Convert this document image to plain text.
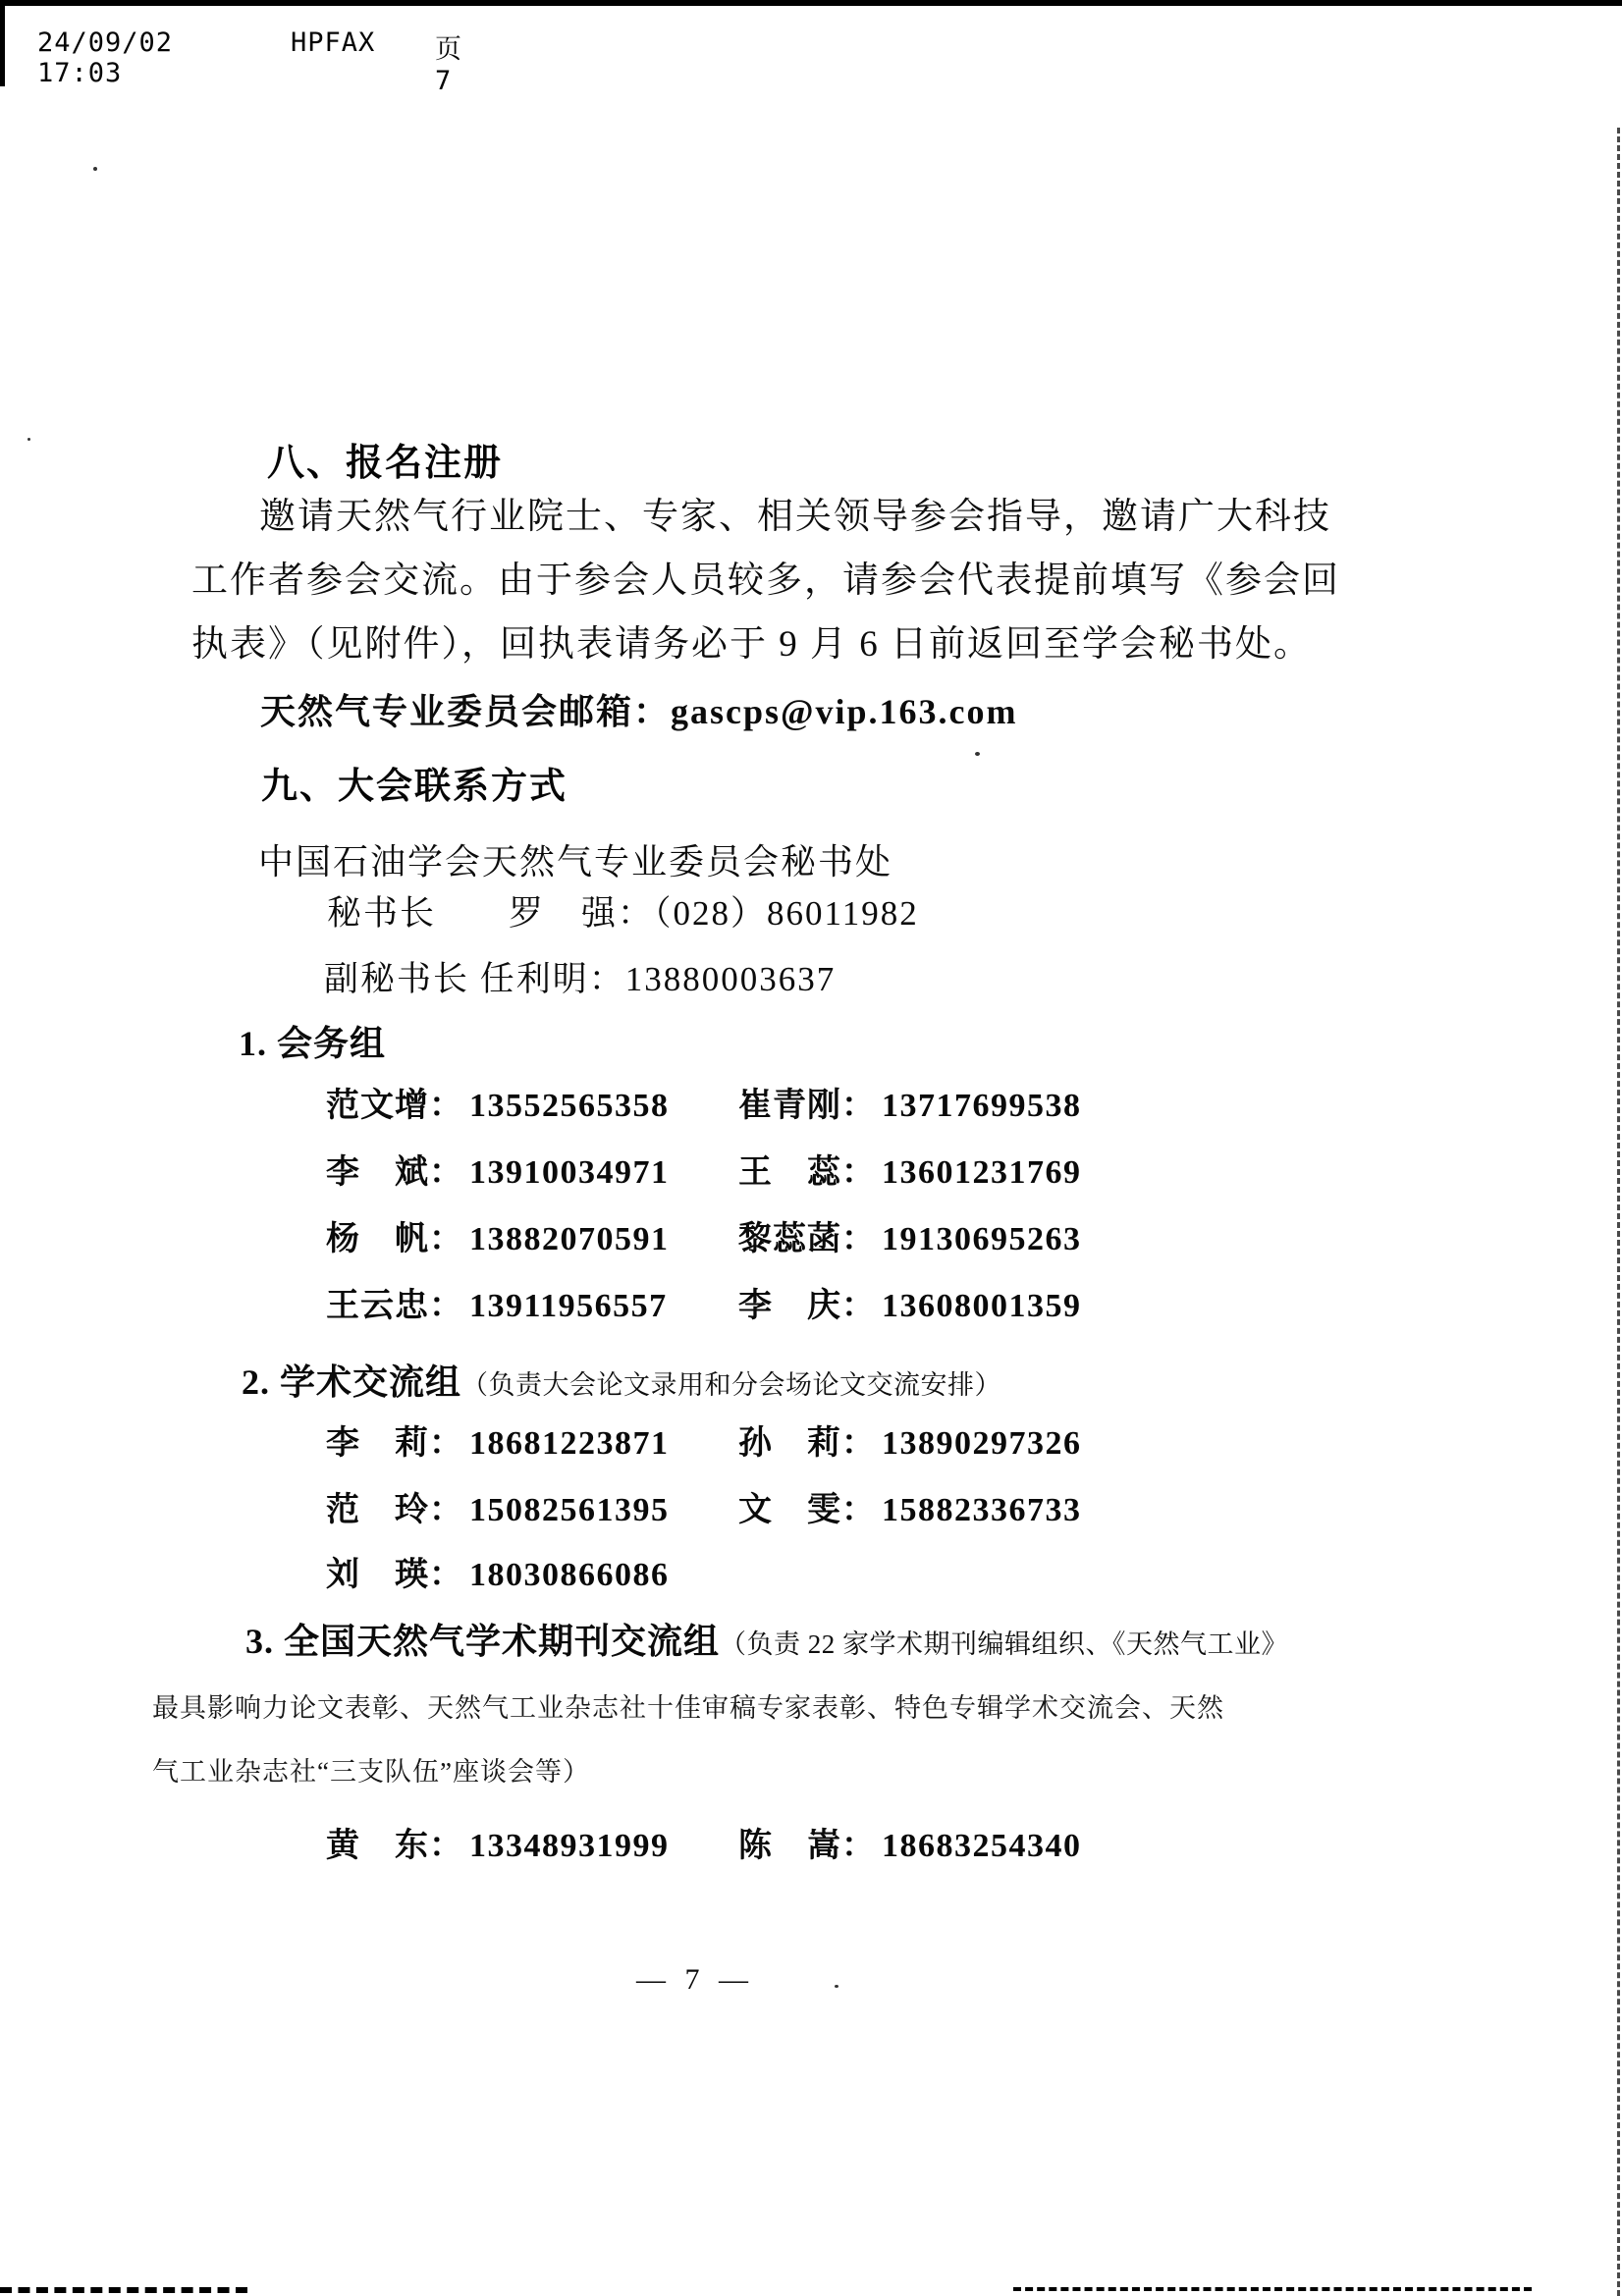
24/09/02 17:03
HPFAX 页 7
八、报名注册
邀请天然气行业院士、专家、相关领导参会指导，邀请广大科技
工作者参会交流。由于参会人员较多，请参会代表提前填写《参会回
执表》（见附件），回执表请务必于 9 月 6 日前返回至学会秘书处。
天然气专业委员会邮箱：gascps@vip.163.com
九、大会联系方式
中国石油学会天然气专业委员会秘书处
秘书长　　罗　强：（028）86011982
副秘书长 任利明：13880003637
1. 会务组
范文增： 13552565358 崔青刚： 13717699538
李　斌： 13910034971 王　蕊： 13601231769
杨　帆： 13882070591 黎蕊菡： 19130695263
王云忠： 13911956557 李　庆： 13608001359
2. 学术交流组（负责大会论文录用和分会场论文交流安排）
李　莉： 18681223871 孙　莉： 13890297326
范　玲： 15082561395 文　雯： 15882336733
刘　瑛： 18030866086
3. 全国天然气学术期刊交流组（负责 22 家学术期刊编辑组织、《天然气工业》
最具影响力论文表彰、天然气工业杂志社十佳审稿专家表彰、特色专辑学术交流会、天然
气工业杂志社“三支队伍”座谈会等）
黄　东： 13348931999 陈　嵩： 18683254340
— 7 —
